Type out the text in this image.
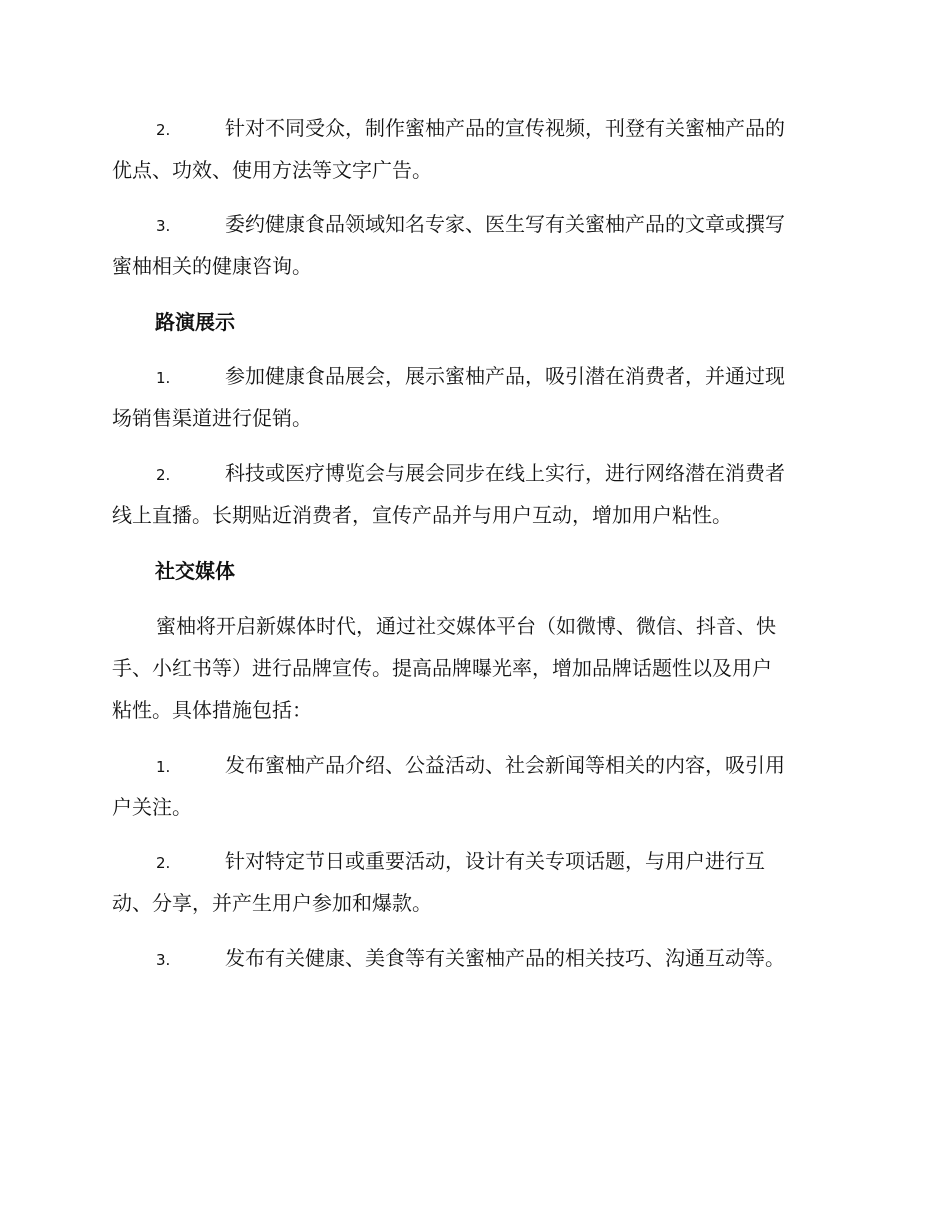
2.	针对不同受众，制作蜜柚产品的宣传视频，刊登有关蜜柚产品的
优点、功效、使用方法等文字广告。
3.	委约健康食品领域知名专家、医生写有关蜜柚产品的文章或撰写
蜜柚相关的健康咨询。
路演展示
1.	参加健康食品展会，展示蜜柚产品，吸引潜在消费者，并通过现
场销售渠道进行促销。
2.	科技或医疗博览会与展会同步在线上实行，进行网络潜在消费者
线上直播。长期贴近消费者，宣传产品并与用户互动，增加用户粘性。
社交媒体
蜜柚将开启新媒体时代，通过社交媒体平台（如微博、微信、抖音、快
手、小红书等）进行品牌宣传。提高品牌曝光率，增加品牌话题性以及用户
粘性。具体措施包括：
1.	发布蜜柚产品介绍、公益活动、社会新闻等相关的内容，吸引用
户关注。
2.	针对特定节日或重要活动，设计有关专项话题，与用户进行互
动、分享，并产生用户参加和爆款。
3.	发布有关健康、美食等有关蜜柚产品的相关技巧、沟通互动等。
